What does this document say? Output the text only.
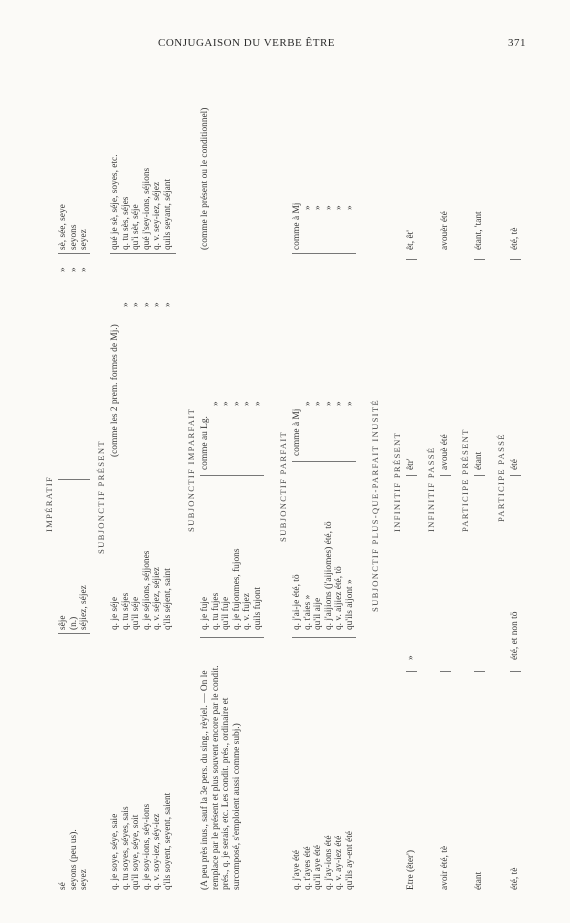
CONJUGAISON DU VERBE ÊTRE	371
IMPÉRATIF
sé seyons (peu us). seyez
sêje (n.) séjiez, séjez
» » »
sè, sée, seye seyons seyez
SUBJONCTIF PRÉSENT
q. je soye, séye, saie q. tu soyes, séyes, sais qu'il soye, séye, soit q. je soy-ions, séy-ions q. v. soy-iez, séy-iez q'ils soyent, seyent, saient
q. je séje q. tu séjes qu'il séje q. je séjions, séjjones q. v. séjez, séjiez q'ils séjent, saint
(comme les 2 prem. formes de Mj.)
» » » » »
qué je sè, séje, soyes, etc. q. tu sès, séjes qu'i sèt, séje qué j'sey-ions, séjions q. v. sey-iez, séjez quils seyant, séjant
SUBJONCTIF IMPARFAIT
(A peu près inus., sauf la 3e pers. du sing., rèyiel. — On le remplace par le présent et plus souvent encore par le condit. prés., q. je serais, etc. Les condit. prés., ordinaire et surcomposé, s'emploient aussi comme subj.)
q. je fuje q. tu fujes qu'il fuje q. je fujonmes, fujons q. v. fujez quils fujont
comme au Lg.
» » » » »
(comme le présent ou le conditionnel)
SUBJONCTIF PARFAIT
q. j'aye été q. t'ayes été qu'il aye été q. j'ay-ions été q. v. ay-iez été qu'ils ay-ent été
q. j'ai-je été, tö q. t'aies » qu'il aije q. j'aijions (j'aijiomes) été, tö q. v. aijiez été, tö qu'ils aijont »
comme à Mj
» » » » »
comme à Mj » » » » »
SUBJONCTIF PLUS-QUE-PARFAIT INUSITÉ INFINITIF PRÉSENT
Etre (êter')
»
êtr'
êt, êt'
INFINITIF PASSÉ
avoir été, tè
avouè été
avouèr été
PARTICIPE PRÉSENT
étant
étant, 'tant
étant PARTICIPE PASSÉ
été, tè
été, et non tö
été
été, tè
